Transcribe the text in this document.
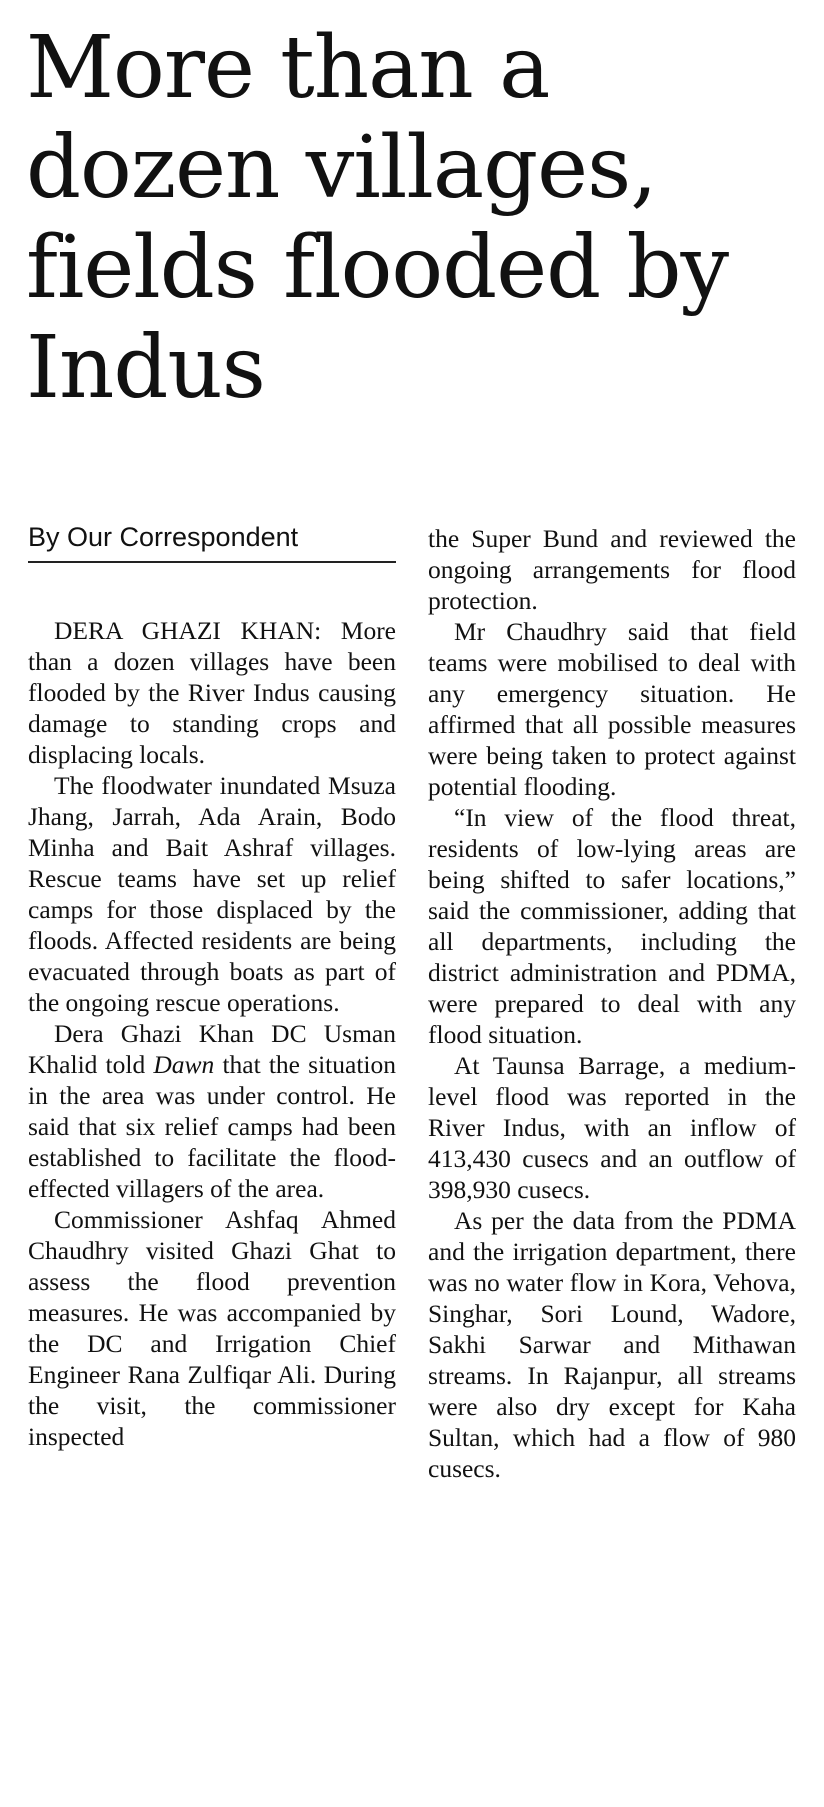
More than a dozen villages, fields flooded by Indus
By Our Correspondent

DERA GHAZI KHAN: More than a dozen villages have been flooded by the River Indus causing damage to standing crops and displacing locals.

The floodwater inundated Msuza Jhang, Jarrah, Ada Arain, Bodo Minha and Bait Ashraf villages. Rescue teams have set up relief camps for those displaced by the floods. Affected residents are being evacuated through boats as part of the ongoing rescue operations.

Dera Ghazi Khan DC Usman Khalid told Dawn that the situation in the area was under control. He said that six relief camps had been established to facilitate the flood-effected villagers of the area.

Commissioner Ashfaq Ahmed Chaudhry visited Ghazi Ghat to assess the flood prevention measures. He was accompanied by the DC and Irrigation Chief Engineer Rana Zulfiqar Ali. During the visit, the commissioner inspected

the Super Bund and reviewed the ongoing arrangements for flood protection.

Mr Chaudhry said that field teams were mobilised to deal with any emergency situation. He affirmed that all possible measures were being taken to protect against potential flooding.

“In view of the flood threat, residents of low-lying areas are being shifted to safer locations,” said the commissioner, adding that all departments, including the district administration and PDMA, were prepared to deal with any flood situation.

At Taunsa Barrage, a medium-level flood was reported in the River Indus, with an inflow of 413,430 cusecs and an outflow of 398,930 cusecs.

As per the data from the PDMA and the irrigation department, there was no water flow in Kora, Vehova, Singhar, Sori Lound, Wadore, Sakhi Sarwar and Mithawan streams. In Rajanpur, all streams were also dry except for Kaha Sultan, which had a flow of 980 cusecs.
